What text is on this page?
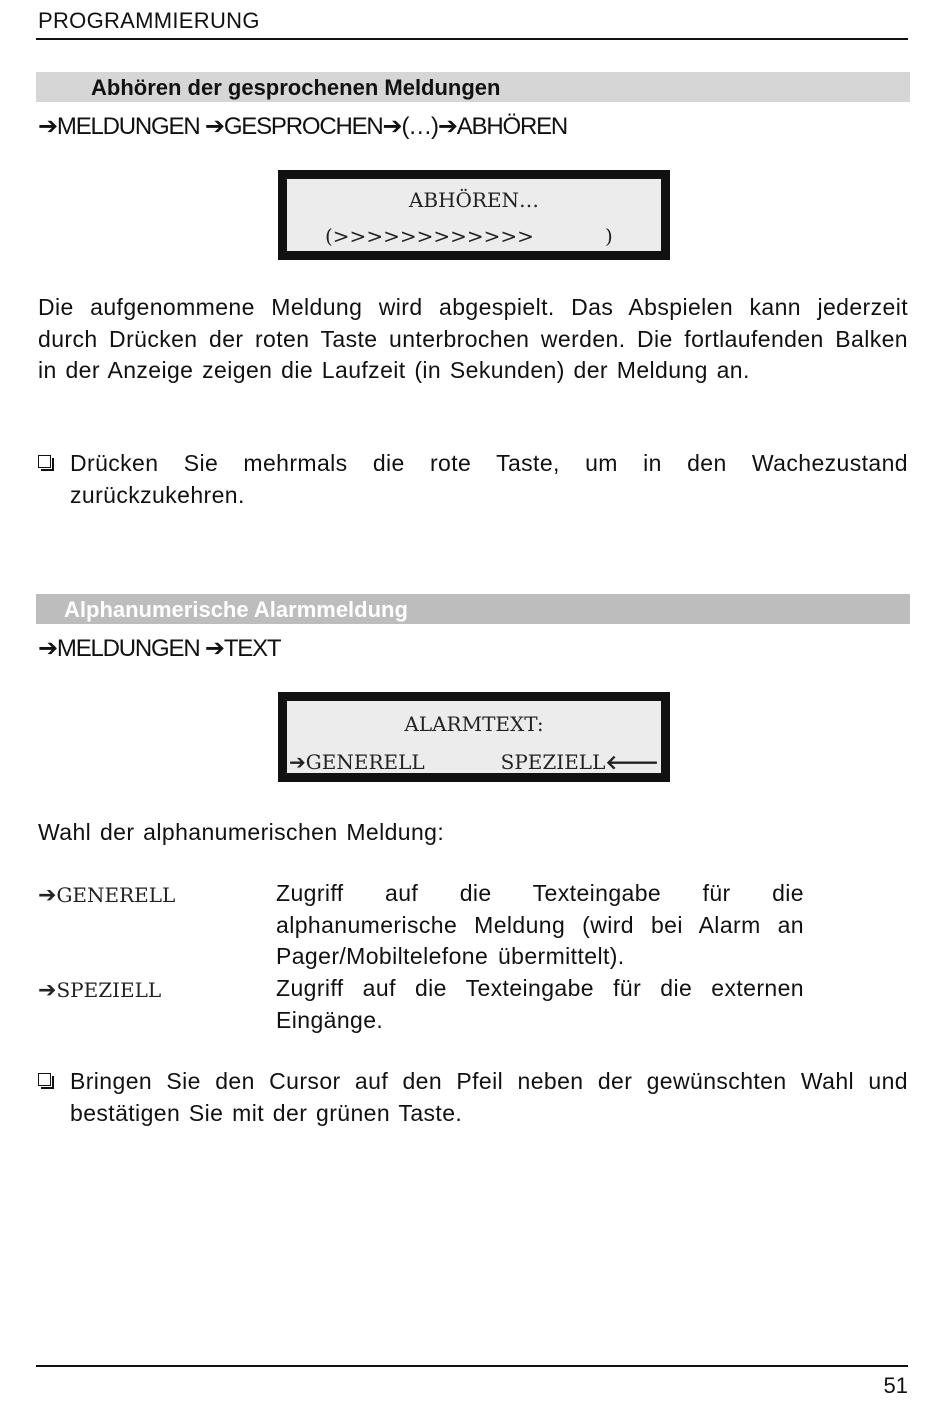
PROGRAMMIERUNG
Abhören der gesprochenen Meldungen
➔MELDUNGEN ➔GESPROCHEN➔(…)➔ABHÖREN
ABHÖREN…
(>>>>>>>>>>>>	)
Die aufgenommene Meldung wird abgespielt. Das Abspielen kann jederzeit durch Drücken der roten Taste unterbrochen werden. Die fortlaufenden Balken in der Anzeige zeigen die Laufzeit (in Sekunden) der Meldung an.
Drücken Sie mehrmals die rote Taste, um in den Wachezustand zurückzukehren.
Alphanumerische Alarmmeldung
➔MELDUNGEN ➔TEXT
ALARMTEXT:
➔GENERELL	SPEZIELL🡐
Wahl der alphanumerischen Meldung:
➔GENERELL	Zugriff auf die Texteingabe für die alphanumerische Meldung (wird bei Alarm an Pager/Mobiltelefone übermittelt).
➔SPEZIELL	Zugriff auf die Texteingabe für die externen Eingänge.
Bringen Sie den Cursor auf den Pfeil neben der gewünschten Wahl und bestätigen Sie mit der grünen Taste.
51
